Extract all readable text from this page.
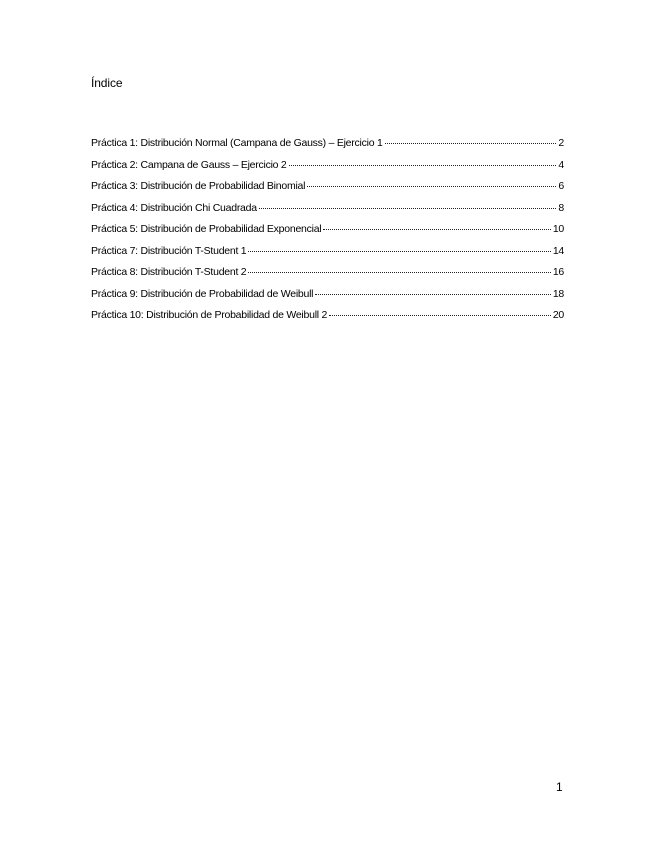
Índice
Práctica 1: Distribución Normal (Campana de Gauss) – Ejercicio 1	2
Práctica 2: Campana de Gauss – Ejercicio 2	4
Práctica 3: Distribución de Probabilidad Binomial	6
Práctica 4: Distribución Chi Cuadrada	8
Práctica 5: Distribución de Probabilidad Exponencial	10
Práctica 7: Distribución T-Student 1	14
Práctica 8: Distribución T-Student 2	16
Práctica 9: Distribución de Probabilidad de Weibull	18
Práctica 10: Distribución de Probabilidad de Weibull 2	20
1
